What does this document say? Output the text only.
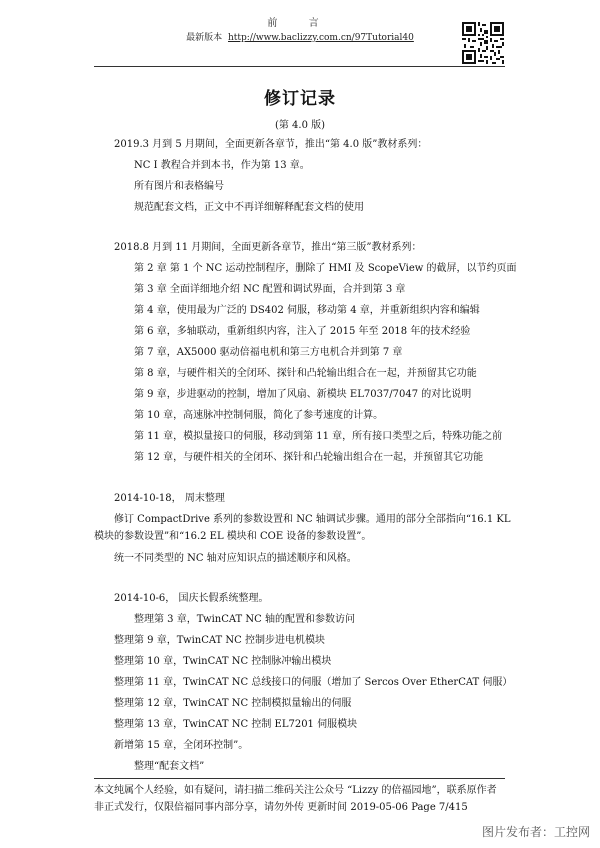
前 言
最新版本 http://www.baclizzy.com.cn/97Tutorial40
修订记录
(第 4.0 版)
2019.3 月到 5 月期间，全面更新各章节，推出“第 4.0 版”教材系列：
NC I 教程合并到本书，作为第 13 章。
所有图片和表格编号
规范配套文档，正文中不再详细解释配套文档的使用
2018.8 月到 11 月期间，全面更新各章节，推出“第三版”教材系列：
第 2 章 第 1 个 NC 运动控制程序，删除了 HMI 及 ScopeView 的截屏，以节约页面
第 3 章 全面详细地介绍 NC 配置和调试界面，合并到第 3 章
第 4 章，使用最为广泛的 DS402 伺服，移动第 4 章，并重新组织内容和编辑
第 6 章，多轴联动，重新组织内容，注入了 2015 年至 2018 年的技术经验
第 7 章，AX5000 驱动倍福电机和第三方电机合并到第 7 章
第 8 章，与硬件相关的全闭环、探针和凸轮输出组合在一起，并预留其它功能
第 9 章，步进驱动的控制，增加了风扇、新模块 EL7037/7047 的对比说明
第 10 章，高速脉冲控制伺服，简化了参考速度的计算。
第 11 章，模拟量接口的伺服，移动到第 11 章，所有接口类型之后，特殊功能之前
第 12 章，与硬件相关的全闭环、探针和凸轮输出组合在一起，并预留其它功能
2014-10-18， 周末整理
修订 CompactDrive 系列的参数设置和 NC 轴调试步骤。通用的部分全部指向“16.1 KL
模块的参数设置”和“16.2 EL 模块和 COE 设备的参数设置”。
统一不同类型的 NC 轴对应知识点的描述顺序和风格。
2014-10-6， 国庆长假系统整理。
整理第 3 章，TwinCAT NC 轴的配置和参数访问
整理第 9 章，TwinCAT NC 控制步进电机模块
整理第 10 章，TwinCAT NC 控制脉冲输出模块
整理第 11 章，TwinCAT NC 总线接口的伺服（增加了 Sercos Over EtherCAT 伺服）
整理第 12 章，TwinCAT NC 控制模拟量输出的伺服
整理第 13 章，TwinCAT NC 控制 EL7201 伺服模块
新增第 15 章，全闭环控制”。
整理“配套文档”
本文纯属个人经验，如有疑问，请扫描二维码关注公众号 “Lizzy 的倍福园地”，联系原作者
非正式发行，仅限倍福同事内部分享，请勿外传 更新时间 2019-05-06 Page 7/415
图片发布者：工控网
